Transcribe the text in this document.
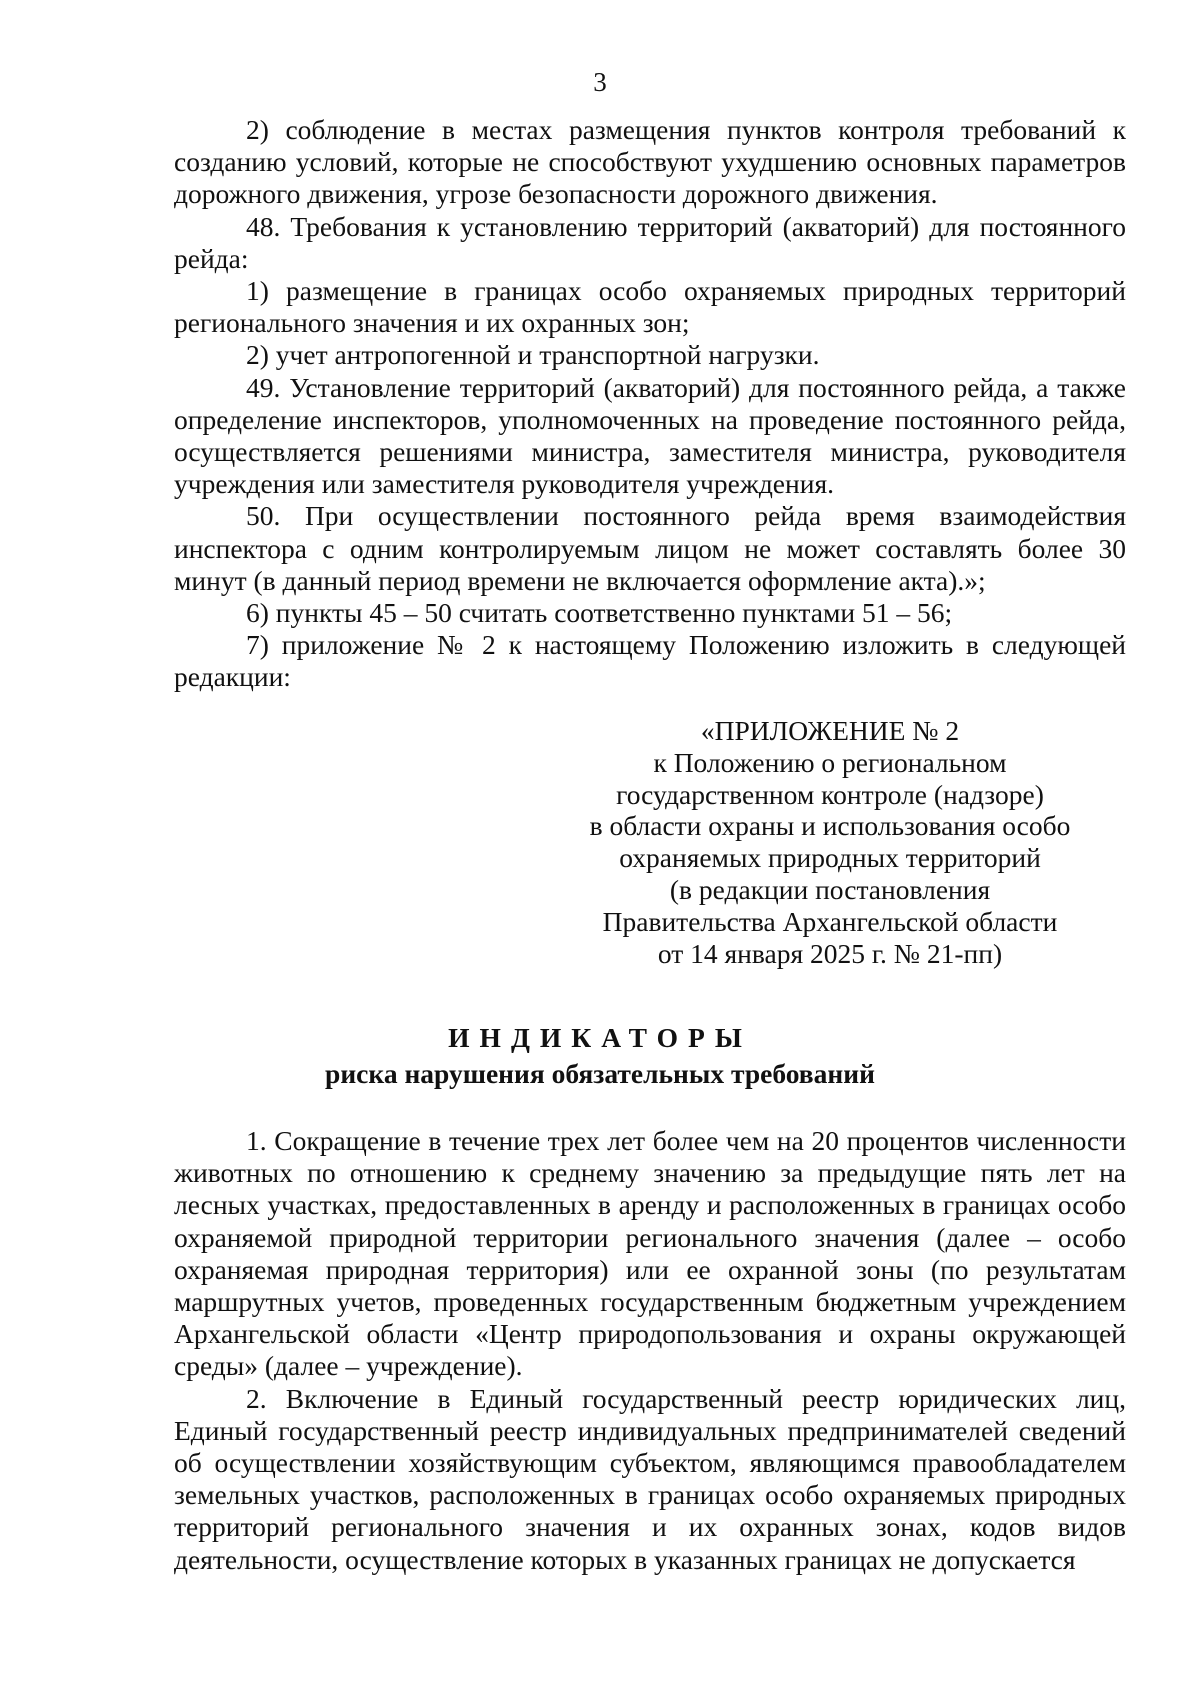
3

2) соблюдение в местах размещения пунктов контроля требований к созданию условий, которые не способствуют ухудшению основных параметров дорожного движения, угрозе безопасности дорожного движения.

48. Требования к установлению территорий (акваторий) для постоянного рейда:

1) размещение в границах особо охраняемых природных территорий регионального значения и их охранных зон;

2) учет антропогенной и транспортной нагрузки.

49. Установление территорий (акваторий) для постоянного рейда, а также определение инспекторов, уполномоченных на проведение постоянного рейда, осуществляется решениями министра, заместителя министра, руководителя учреждения или заместителя руководителя учреждения.

50. При осуществлении постоянного рейда время взаимодействия инспектора с одним контролируемым лицом не может составлять более 30 минут (в данный период времени не включается оформление акта).»;

6) пункты 45 – 50 считать соответственно пунктами 51 – 56;

7) приложение № 2 к настоящему Положению изложить в следующей редакции:

«ПРИЛОЖЕНИЕ № 2
к Положению о региональном
государственном контроле (надзоре)
в области охраны и использования особо
охраняемых природных территорий
(в редакции постановления
Правительства Архангельской области
от 14 января 2025 г. № 21-пп)
ИНДИКАТОРЫ
риска нарушения обязательных требований

1. Сокращение в течение трех лет более чем на 20 процентов численности животных по отношению к среднему значению за предыдущие пять лет на лесных участках, предоставленных в аренду и расположенных в границах особо охраняемой природной территории регионального значения (далее – особо охраняемая природная территория) или ее охранной зоны (по результатам маршрутных учетов, проведенных государственным бюджетным учреждением Архангельской области «Центр природопользования и охраны окружающей среды» (далее – учреждение).

2. Включение в Единый государственный реестр юридических лиц, Единый государственный реестр индивидуальных предпринимателей сведений об осуществлении хозяйствующим субъектом, являющимся правообладателем земельных участков, расположенных в границах особо охраняемых природных территорий регионального значения и их охранных зонах, кодов видов деятельности, осуществление которых в указанных границах не допускается
